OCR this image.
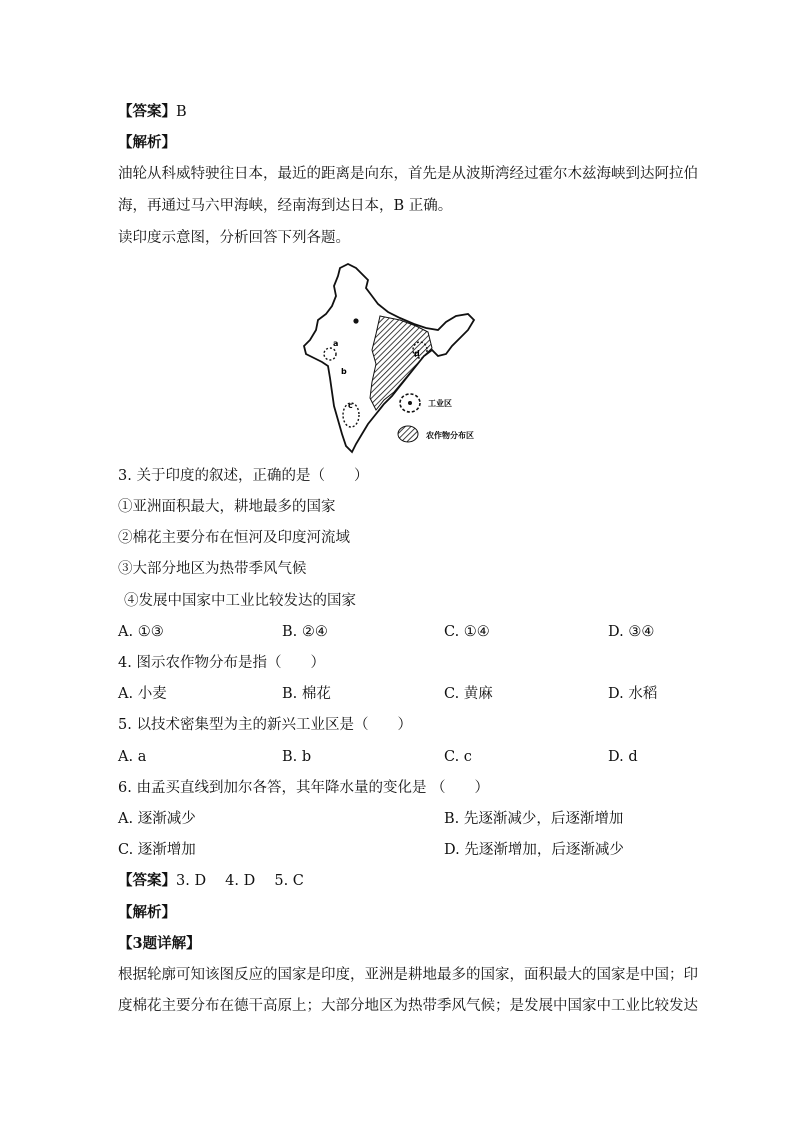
【答案】B
【解析】
油轮从科威特驶往日本，最近的距离是向东，首先是从波斯湾经过霍尔木兹海峡到达阿拉伯
海，再通过马六甲海峡，经南海到达日本，B 正确。
读印度示意图，分析回答下列各题。
a
b
c
d
工业区
农作物分布区
3. 关于印度的叙述，正确的是（　　）
①亚洲面积最大，耕地最多的国家
②棉花主要分布在恒河及印度河流域
③大部分地区为热带季风气候
④发展中国家中工业比较发达的国家
A. ①③	B. ②④	C. ①④	D. ③④
4. 图示农作物分布是指（　　）
A. 小麦	B. 棉花	C. 黄麻	D. 水稻
5. 以技术密集型为主的新兴工业区是（　　）
A. a	B. b	C. c	D. d
6. 由孟买直线到加尔各答，其年降水量的变化是 （　　）
A. 逐渐减少	B. 先逐渐减少，后逐渐增加
C. 逐渐增加	D. 先逐渐增加，后逐渐减少
【答案】3. D　 4. D　 5. C
【解析】
【3题详解】
根据轮廓可知该图反应的国家是印度，亚洲是耕地最多的国家，面积最大的国家是中国；印
度棉花主要分布在德干高原上；大部分地区为热带季风气候；是发展中国家中工业比较发达
